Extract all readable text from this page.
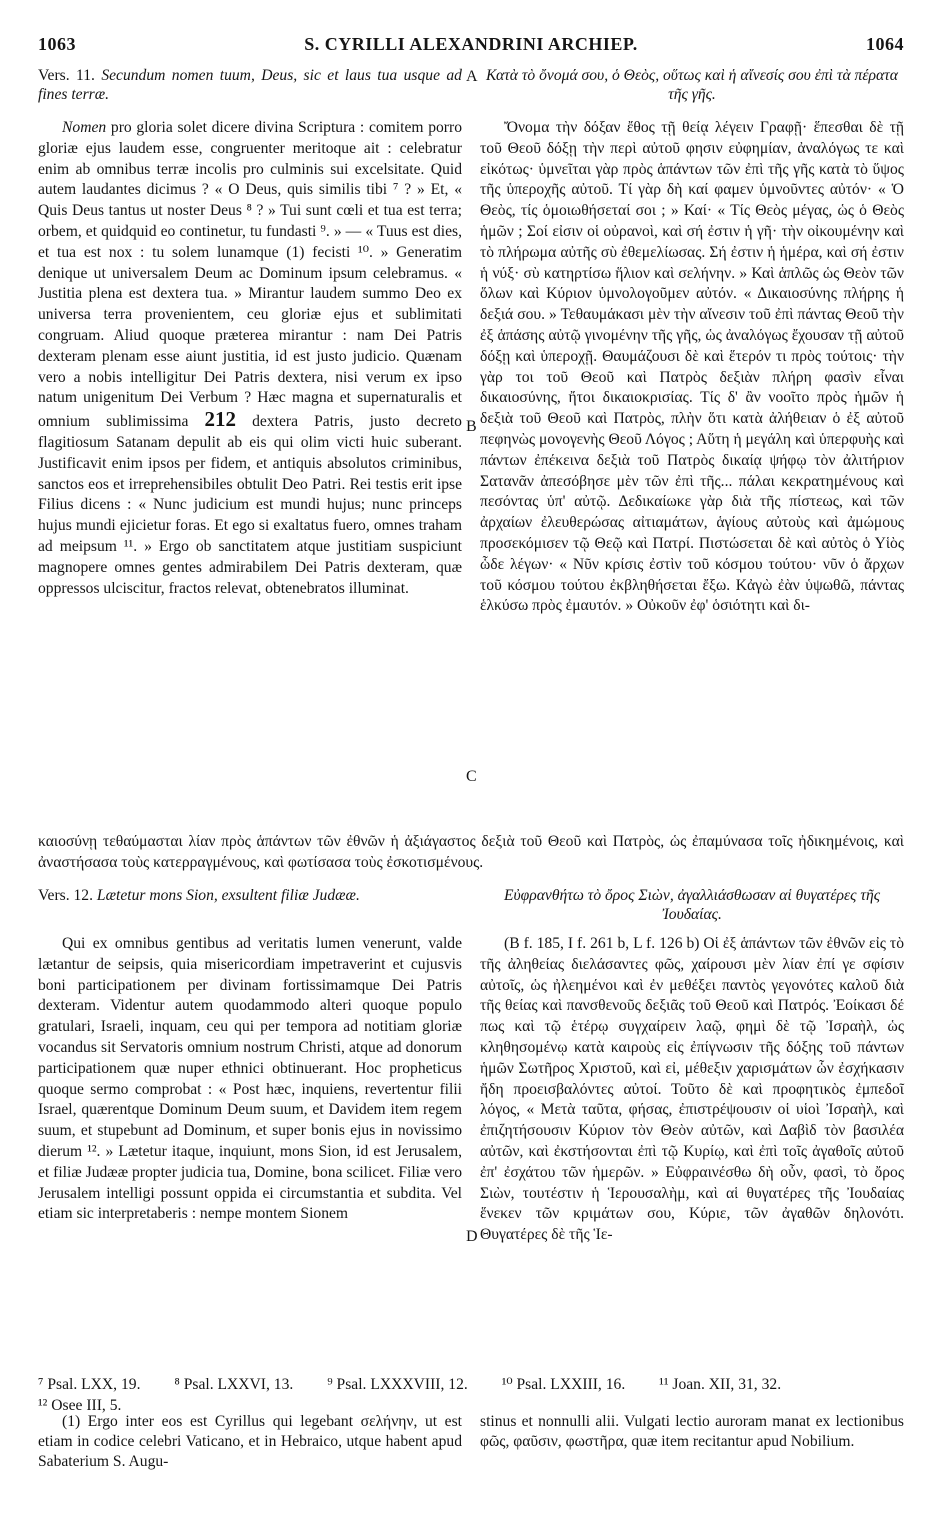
1063	S. CYRILLI ALEXANDRINI ARCHIEP.	1064
Vers. 11. Secundum nomen tuum, Deus, sic et laus tua usque ad fines terræ.
A Κατὰ τὸ ὄνομά σου, ὁ Θεὸς, οὕτως καὶ ἡ αἴνεσίς σου ἐπὶ τὰ πέρατα τῆς γῆς.

Nomen pro gloria solet dicere divina Scriptura : comitem porro gloriæ ejus laudem esse, congruenter meritoque ait : celebratur enim ab omnibus terræ incolis pro culminis sui excelsitate. Quid autem laudantes dicimus ? « O Deus, quis similis tibi ⁷ ? » Et, « Quis Deus tantus ut noster Deus ⁸ ? » Tui sunt cœli et tua est terra; orbem, et quidquid eo continetur, tu fundasti ⁹. » — « Tuus est dies, et tua est nox : tu solem lunamque (1) fecisti ¹⁰. » Generatim denique ut universalem Deum ac Dominum ipsum celebramus. « Justitia plena est dextera tua. » Mirantur laudem summo Deo ex universa terra provenientem, ceu gloriæ ejus et sublimitati congruam. Aliud quoque præterea mirantur : nam Dei Patris dexteram plenam esse aiunt justitia, id est justo judicio. Quænam vero a nobis intelligitur Dei Patris dextera, nisi verum ex ipso natum unigenitum Dei Verbum ? Hæc magna et supernaturalis et omnium sublimissima 212 dextera Patris, justo decreto flagitiosum Satanam depulit ab eis qui olim victi huic suberant. Justificavit enim ipsos per fidem, et antiquis absolutos criminibus, sanctos eos et irreprehensibiles obtulit Deo Patri. Rei testis erit ipse Filius dicens : « Nunc judicium est mundi hujus; nunc princeps hujus mundi ejicietur foras. Et ego si exaltatus fuero, omnes traham ad meipsum ¹¹. » Ergo ob sanctitatem atque justitiam suspiciunt magnopere omnes gentes admirabilem Dei Patris dexteram, quæ oppressos ulciscitur, fractos relevat, obtenebratos illuminat.

B
C

Ὄνομα τὴν δόξαν ἔθος τῇ θείᾳ λέγειν Γραφῇ· ἕπεσθαι δὲ τῇ τοῦ Θεοῦ δόξῃ τὴν περὶ αὐτοῦ φησιν εὐφημίαν, ἀναλόγως τε καὶ εἰκότως· ὑμνεῖται γὰρ πρὸς ἁπάντων τῶν ἐπὶ τῆς γῆς κατὰ τὸ ὕψος τῆς ὑπεροχῆς αὐτοῦ. Τί γὰρ δὴ καί φαμεν ὑμνοῦντες αὐτόν· « Ὁ Θεὸς, τίς ὁμοιωθήσεταί σοι ; » Καί· « Τίς Θεὸς μέγας, ὡς ὁ Θεὸς ἡμῶν ; Σοί εἰσιν οἱ οὐρανοὶ, καὶ σή ἐστιν ἡ γῆ· τὴν οἰκουμένην καὶ τὸ πλήρωμα αὐτῆς σὺ ἐθεμελίωσας. Σή ἐστιν ἡ ἡμέρα, καὶ σή ἐστιν ἡ νύξ· σὺ κατηρτίσω ἥλιον καὶ σελήνην. » Καὶ ἁπλῶς ὡς Θεὸν τῶν ὅλων καὶ Κύριον ὑμνολογοῦμεν αὐτόν. « Δικαιοσύνης πλήρης ἡ δεξιά σου. » Τεθαυμάκασι μὲν τὴν αἴνεσιν τοῦ ἐπὶ πάντας Θεοῦ τὴν ἐξ ἁπάσης αὐτῷ γινομένην τῆς γῆς, ὡς ἀναλόγως ἔχουσαν τῇ αὐτοῦ δόξῃ καὶ ὑπεροχῇ. Θαυμάζουσι δὲ καὶ ἕτερόν τι πρὸς τούτοις· τὴν γὰρ τοι τοῦ Θεοῦ καὶ Πατρὸς δεξιὰν πλήρη φασὶν εἶναι δικαιοσύνης, ἤτοι δικαιοκρισίας. Τίς δ' ἂν νοοῖτο πρὸς ἡμῶν ἡ δεξιὰ τοῦ Θεοῦ καὶ Πατρὸς, πλὴν ὅτι κατὰ ἀλήθειαν ὁ ἐξ αὐτοῦ πεφηνὼς μονογενὴς Θεοῦ Λόγος ; Αὕτη ἡ μεγάλη καὶ ὑπερφυὴς καὶ πάντων ἐπέκεινα δεξιὰ τοῦ Πατρὸς δικαίᾳ ψήφῳ τὸν ἀλιτήριον Σατανᾶν ἀπεσόβησε μὲν τῶν ἐπὶ τῆς... πάλαι κεκρατημένους καὶ πεσόντας ὑπ' αὐτῷ. Δεδικαίωκε γὰρ διὰ τῆς πίστεως, καὶ τῶν ἀρχαίων ἐλευθερώσας αἰτιαμάτων, ἁγίους αὐτοὺς καὶ ἀμώμους προσεκόμισεν τῷ Θεῷ καὶ Πατρί. Πιστώσεται δὲ καὶ αὐτὸς ὁ Υἱὸς ὧδε λέγων· « Νῦν κρίσις ἐστὶν τοῦ κόσμου τούτου· νῦν ὁ ἄρχων τοῦ κόσμου τούτου ἐκβληθήσεται ἔξω. Κἀγὼ ἐὰν ὑψωθῶ, πάντας ἑλκύσω πρὸς ἐμαυτόν. » Οὐκοῦν ἐφ' ὁσιότητι καὶ δι-

καιοσύνῃ τεθαύμασται λίαν πρὸς ἁπάντων τῶν ἐθνῶν ἡ ἀξιάγαστος δεξιὰ τοῦ Θεοῦ καὶ Πατρὸς, ὡς ἐπαμύνασα τοῖς ἠδικημένοις, καὶ ἀναστήσασα τοὺς κατερραγμένους, καὶ φωτίσασα τοὺς ἐσκοτισμένους.
Vers. 12. Lætetur mons Sion, exsultent filiæ Judææ.	Εὐφρανθήτω τὸ ὄρος Σιὼν, ἀγαλλιάσθωσαν αἱ θυγατέρες τῆς Ἰουδαίας.

Qui ex omnibus gentibus ad veritatis lumen venerunt, valde lætantur de seipsis, quia misericordiam impetraverint et cujusvis boni participationem per divinam fortissimamque Dei Patris dexteram. Videntur autem quodammodo alteri quoque populo gratulari, Israeli, inquam, ceu qui per tempora ad notitiam gloriæ vocandus sit Servatoris omnium nostrum Christi, atque ad donorum participationem quæ nuper ethnici obtinuerant. Hoc propheticus quoque sermo comprobat : « Post hæc, inquiens, revertentur filii Israel, quærentque Dominum Deum suum, et Davidem item regem suum, et stupebunt ad Dominum, et super bonis ejus in novissimo dierum ¹². » Lætetur itaque, inquiunt, mons Sion, id est Jerusalem, et filiæ Judææ propter judicia tua, Domine, bona scilicet. Filiæ vero Jerusalem intelligi possunt oppida ei circumstantia et subdita. Vel etiam sic interpretaberis : nempe montem Sionem

D

(B f. 185, I f. 261 b, L f. 126 b) Οἱ ἐξ ἁπάντων τῶν ἐθνῶν εἰς τὸ τῆς ἀληθείας διελάσαντες φῶς, χαίρουσι μὲν λίαν ἐπί γε σφίσιν αὐτοῖς, ὡς ἠλεημένοι καὶ ἐν μεθέξει παντὸς γεγονότες καλοῦ διὰ τῆς θείας καὶ πανσθενοῦς δεξιᾶς τοῦ Θεοῦ καὶ Πατρός. Ἐοίκασι δέ πως καὶ τῷ ἑτέρῳ συγχαίρειν λαῷ, φημὶ δὲ τῷ Ἰσραὴλ, ὡς κληθησομένῳ κατὰ καιροὺς εἰς ἐπίγνωσιν τῆς δόξης τοῦ πάντων ἡμῶν Σωτῆρος Χριστοῦ, καὶ εἰ, μέθεξιν χαρισμάτων ὧν ἐσχήκασιν ἤδη προεισβαλόντες αὐτοί. Τοῦτο δὲ καὶ προφητικὸς ἐμπεδοῖ λόγος, « Μετὰ ταῦτα, φήσας, ἐπιστρέψουσιν οἱ υἱοὶ Ἰσραὴλ, καὶ ἐπιζητήσουσιν Κύριον τὸν Θεὸν αὐτῶν, καὶ Δαβὶδ τὸν βασιλέα αὐτῶν, καὶ ἐκστήσονται ἐπὶ τῷ Κυρίῳ, καὶ ἐπὶ τοῖς ἀγαθοῖς αὐτοῦ ἐπ' ἐσχάτου τῶν ἡμερῶν. » Εὐφραινέσθω δὴ οὖν, φασὶ, τὸ ὄρος Σιὼν, τουτέστιν ἡ Ἱερουσαλὴμ, καὶ αἱ θυγατέρες τῆς Ἰουδαίας ἕνεκεν τῶν κριμάτων σου, Κύριε, τῶν ἀγαθῶν δηλονότι. Θυγατέρες δὲ τῆς Ἱε-

⁷ Psal. LXX, 19. ⁸ Psal. LXXVI, 13. ⁹ Psal. LXXXVIII, 12. ¹⁰ Psal. LXXIII, 16. ¹¹ Joan. XII, 31, 32.
¹² Osee III, 5.
(1) Ergo inter eos est Cyrillus qui legebant σελήνην, ut est etiam in codice celebri Vaticano, et in Hebraico, utque habent apud Sabaterium S. Augu-
stinus et nonnulli alii. Vulgati lectio auroram manat ex lectionibus φῶς, φαῦσιν, φωστῆρα, quæ item recitantur apud Nobilium.
